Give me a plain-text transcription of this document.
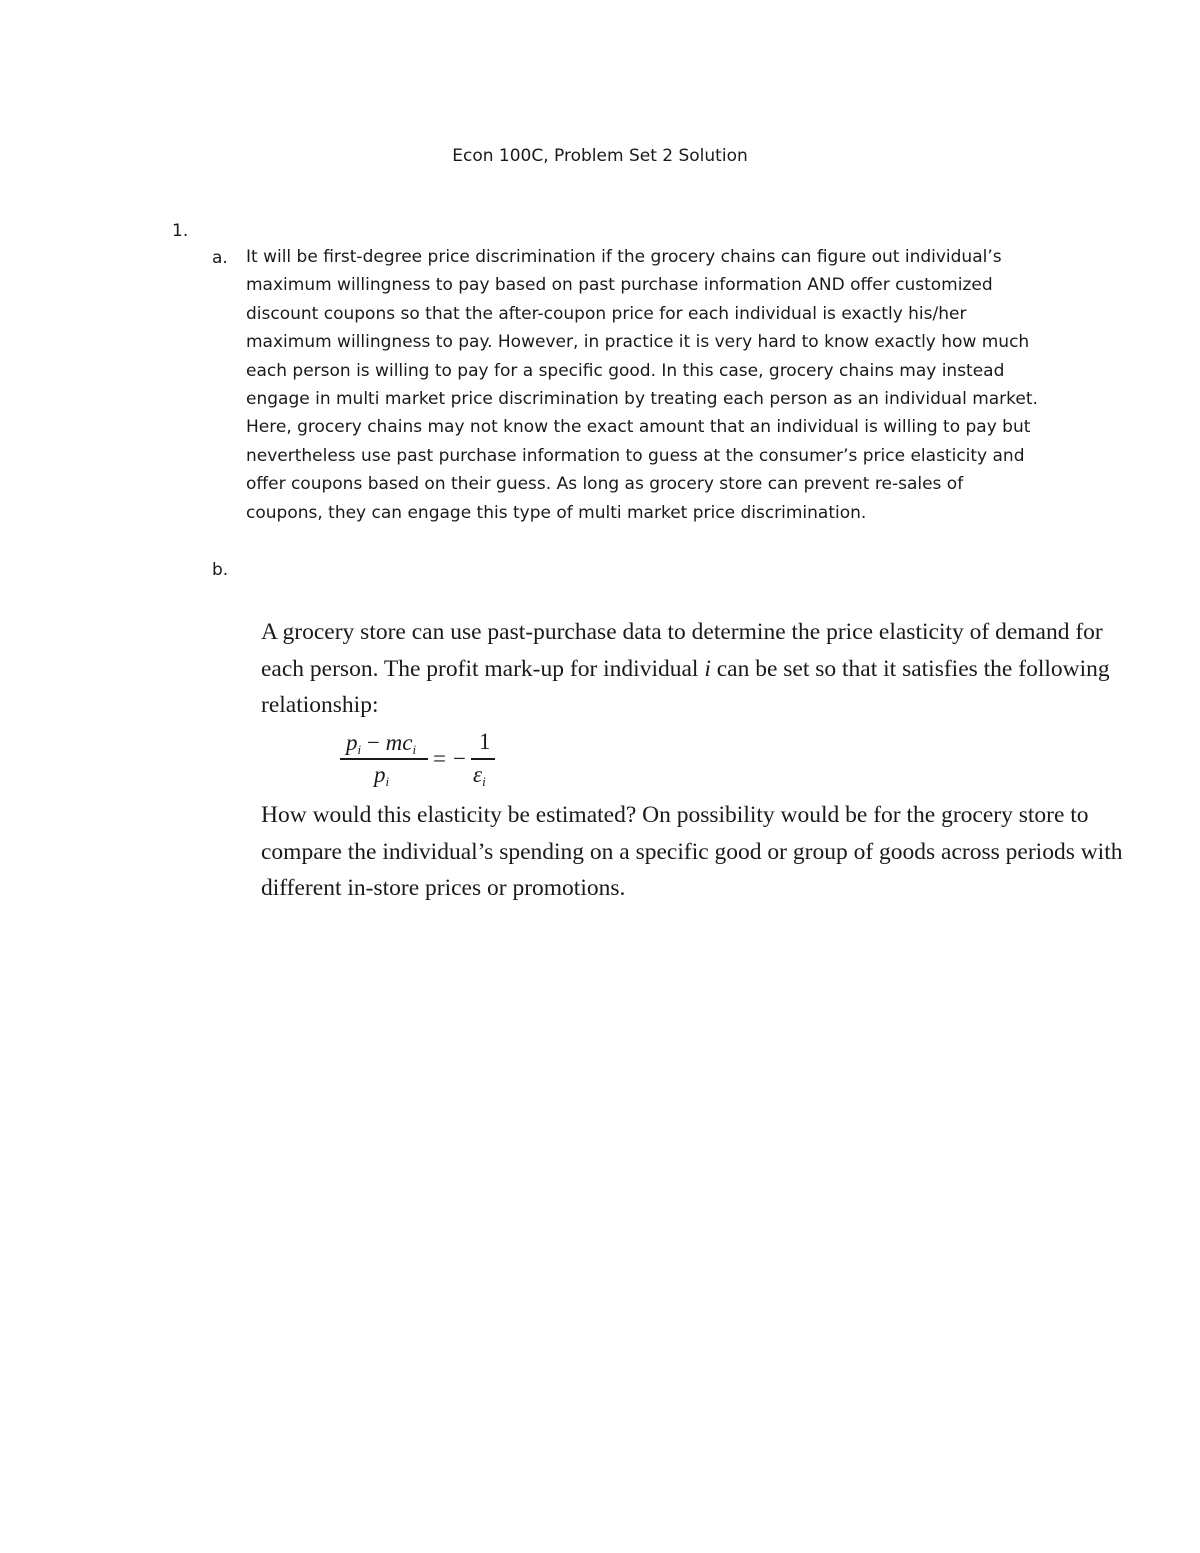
Econ 100C, Problem Set 2 Solution
1.
a. It will be first-degree price discrimination if the grocery chains can figure out individual’s
maximum willingness to pay based on past purchase information AND offer customized
discount coupons so that the after-coupon price for each individual is exactly his/her
maximum willingness to pay. However, in practice it is very hard to know exactly how much
each person is willing to pay for a specific good. In this case, grocery chains may instead
engage in multi market price discrimination by treating each person as an individual market.
Here, grocery chains may not know the exact amount that an individual is willing to pay but
nevertheless use past purchase information to guess at the consumer’s price elasticity and
offer coupons based on their guess. As long as grocery store can prevent re-sales of
coupons, they can engage this type of multi market price discrimination.
b.
A grocery store can use past-purchase data to determine the price elasticity of demand for
each person. The profit mark-up for individual i can be set so that it satisfies the following
relationship:
$p_i - mc_i$
$p_i$
= −
1
$\varepsilon_i$
How would this elasticity be estimated? On possibility would be for the grocery store to
compare the individual’s spending on a specific good or group of goods across periods with
different in-store prices or promotions.
